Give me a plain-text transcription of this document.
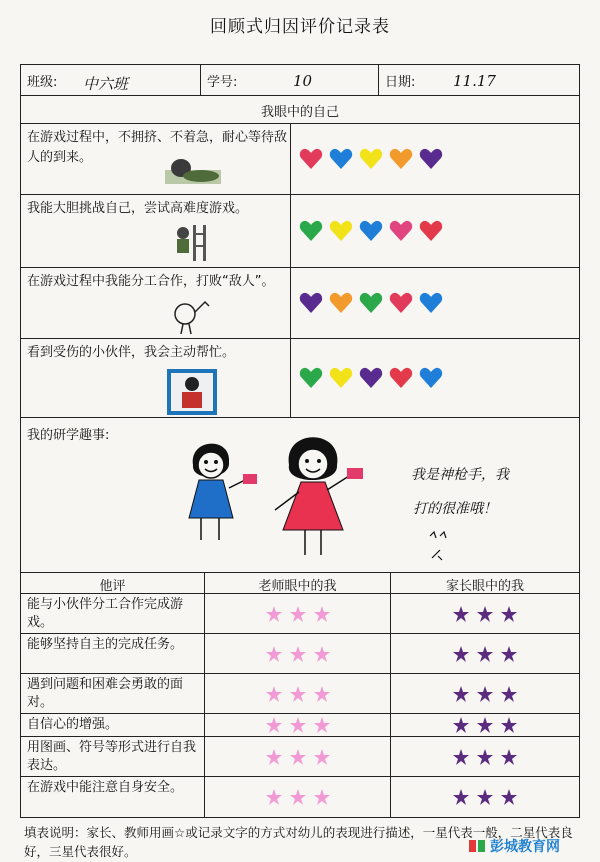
回顾式归因评价记录表
班级: 中六班	学号:	10	日期:	11.17
我眼中的自己
在游戏过程中，不拥挤、不着急，耐心等待敌人的到来。
我能大胆挑战自己，尝试高难度游戏。
在游戏过程中我能分工合作，打败“敌人”。
看到受伤的小伙伴，我会主动帮忙。
我的研学趣事:
我是神枪手，我
打的很准哦！
他评	老师眼中的我	家长眼中的我
能与小伙伴分工合作完成游戏。
能够坚持自主的完成任务。
遇到问题和困难会勇敢的面对。
自信心的增强。
用图画、符号等形式进行自我表达。
在游戏中能注意自身安全。
填表说明：家长、教师用画☆或记录文字的方式对幼儿的表现进行描述，一星代表一般，二星代表良好，三星代表很好。	彭城教育网
